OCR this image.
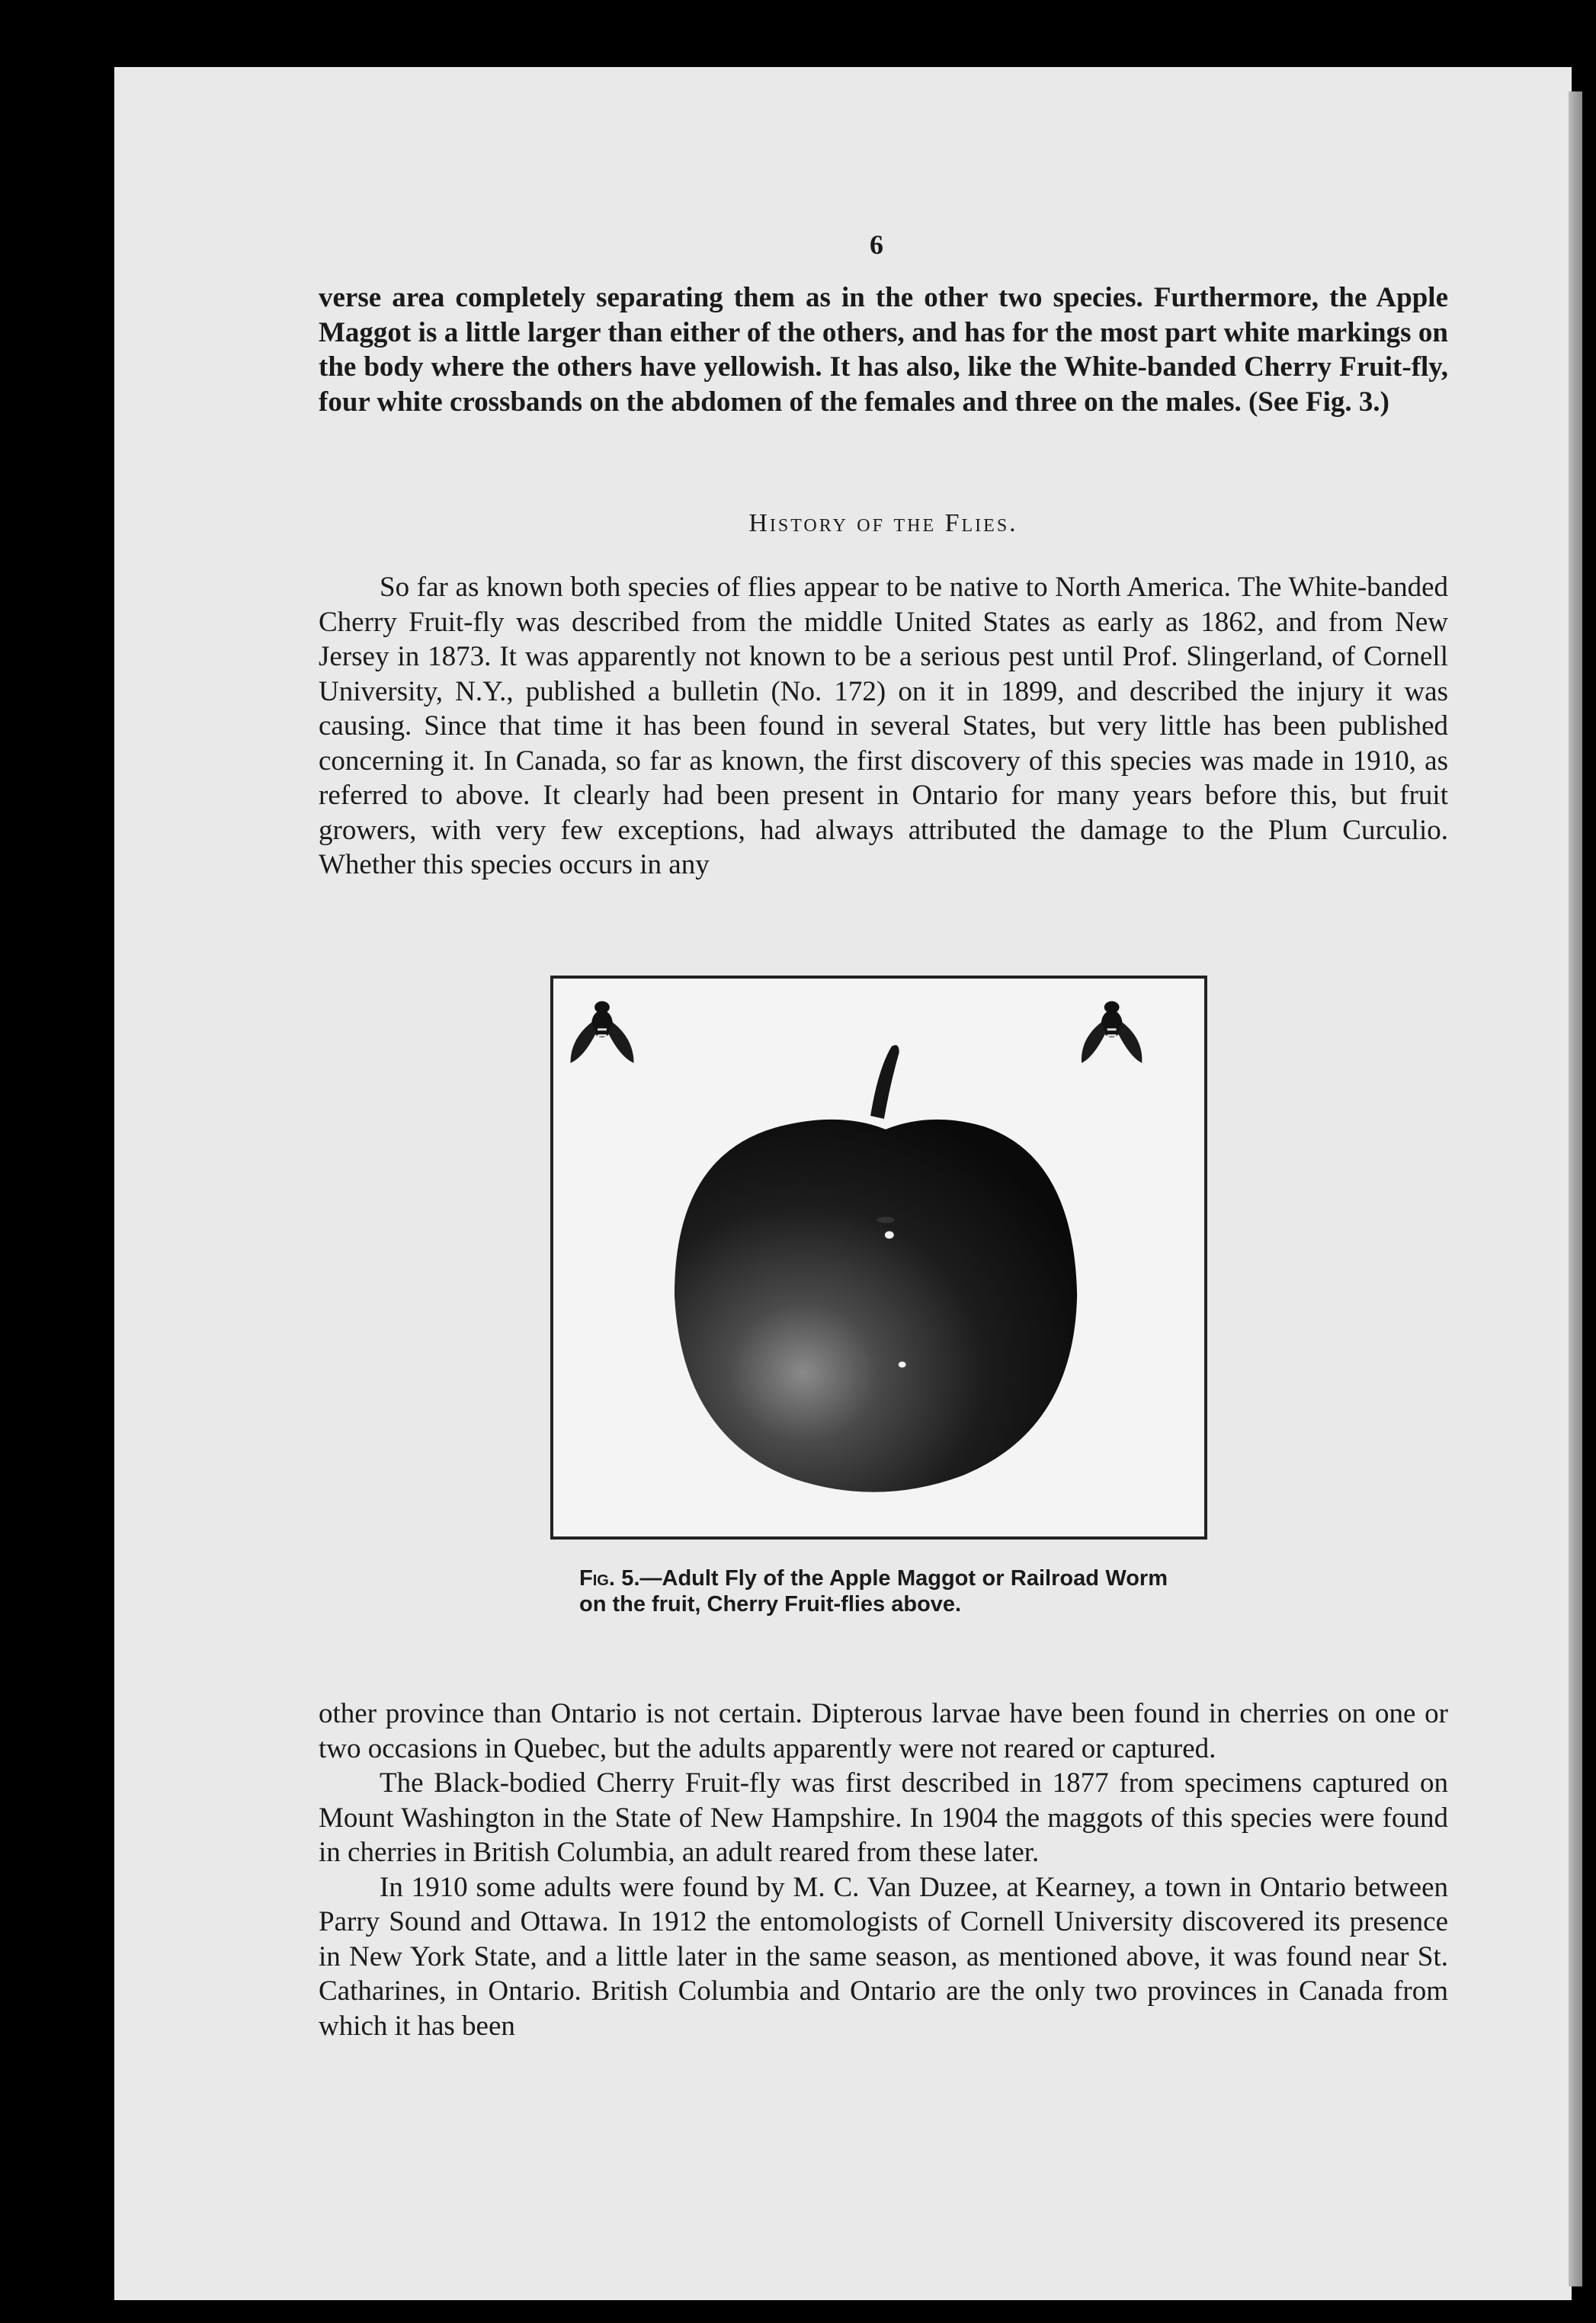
6

verse area completely separating them as in the other two species. Furthermore, the Apple Maggot is a little larger than either of the others, and has for the most part white markings on the body where the others have yellowish. It has also, like the White-banded Cherry Fruit-fly, four white crossbands on the abdomen of the females and three on the males. (See Fig. 3.)

History of the Flies.

So far as known both species of flies appear to be native to North America. The White-banded Cherry Fruit-fly was described from the middle United States as early as 1862, and from New Jersey in 1873. It was apparently not known to be a serious pest until Prof. Slingerland, of Cornell University, N.Y., published a bulletin (No. 172) on it in 1899, and described the injury it was causing. Since that time it has been found in several States, but very little has been published concerning it. In Canada, so far as known, the first discovery of this species was made in 1910, as referred to above. It clearly had been present in Ontario for many years before this, but fruit growers, with very few exceptions, had always attributed the damage to the Plum Curculio. Whether this species occurs in any

Fig. 5.—Adult Fly of the Apple Maggot or Railroad Worm on the fruit, Cherry Fruit-flies above.

other province than Ontario is not certain. Dipterous larvae have been found in cherries on one or two occasions in Quebec, but the adults apparently were not reared or captured.

The Black-bodied Cherry Fruit-fly was first described in 1877 from specimens captured on Mount Washington in the State of New Hampshire. In 1904 the maggots of this species were found in cherries in British Columbia, an adult reared from these later.

In 1910 some adults were found by M. C. Van Duzee, at Kearney, a town in Ontario between Parry Sound and Ottawa. In 1912 the entomologists of Cornell University discovered its presence in New York State, and a little later in the same season, as mentioned above, it was found near St. Catharines, in Ontario. British Columbia and Ontario are the only two provinces in Canada from which it has been
